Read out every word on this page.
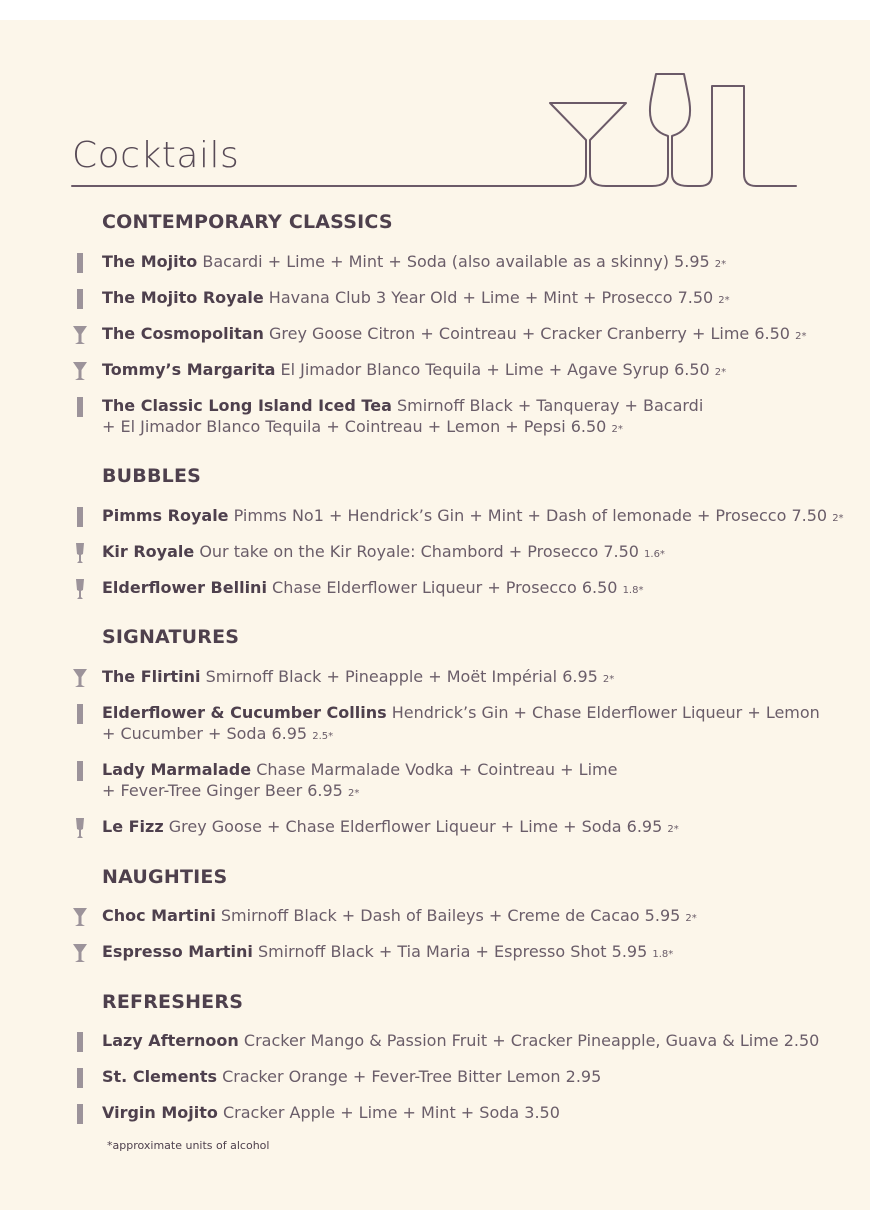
Cocktails
CONTEMPORARY CLASSICS
The Mojito Bacardi + Lime + Mint + Soda (also available as a skinny) 5.95 2*
The Mojito Royale Havana Club 3 Year Old + Lime + Mint + Prosecco 7.50 2*
The Cosmopolitan Grey Goose Citron + Cointreau + Cracker Cranberry + Lime 6.50 2*
Tommy’s Margarita El Jimador Blanco Tequila + Lime + Agave Syrup 6.50 2*
The Classic Long Island Iced Tea Smirnoff Black + Tanqueray + Bacardi
+ El Jimador Blanco Tequila + Cointreau + Lemon + Pepsi 6.50 2*
BUBBLES
Pimms Royale Pimms No1 + Hendrick’s Gin + Mint + Dash of lemonade + Prosecco 7.50 2*
Kir Royale Our take on the Kir Royale: Chambord + Prosecco 7.50 1.6*
Elderflower Bellini Chase Elderflower Liqueur + Prosecco 6.50 1.8*
SIGNATURES
The Flirtini Smirnoff Black + Pineapple + Moët Impérial 6.95 2*
Elderflower & Cucumber Collins Hendrick’s Gin + Chase Elderflower Liqueur + Lemon
+ Cucumber + Soda 6.95 2.5*
Lady Marmalade Chase Marmalade Vodka + Cointreau + Lime
+ Fever-Tree Ginger Beer 6.95 2*
Le Fizz Grey Goose + Chase Elderflower Liqueur + Lime + Soda 6.95 2*
NAUGHTIES
Choc Martini Smirnoff Black + Dash of Baileys + Creme de Cacao 5.95 2*
Espresso Martini Smirnoff Black + Tia Maria + Espresso Shot 5.95 1.8*
REFRESHERS
Lazy Afternoon Cracker Mango & Passion Fruit + Cracker Pineapple, Guava & Lime 2.50
St. Clements Cracker Orange + Fever-Tree Bitter Lemon 2.95
Virgin Mojito Cracker Apple + Lime + Mint + Soda 3.50
*approximate units of alcohol
